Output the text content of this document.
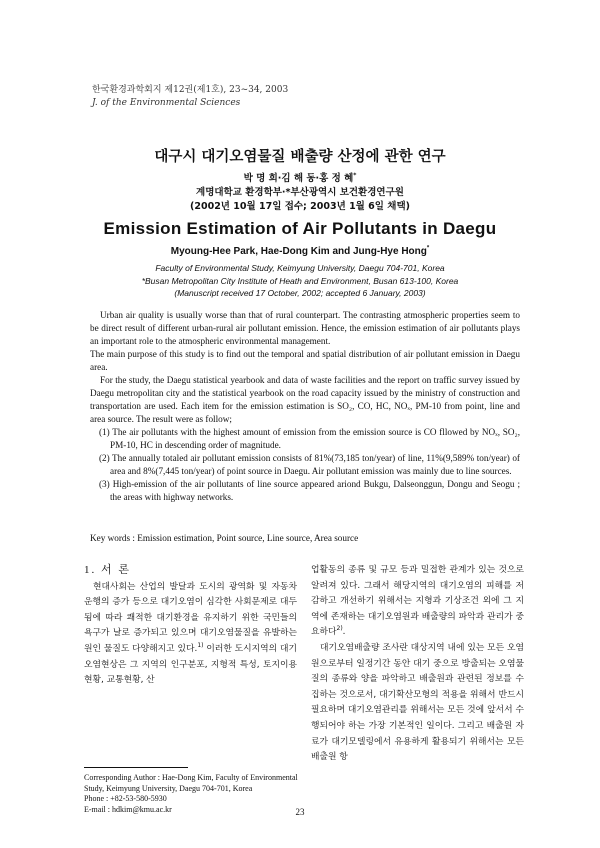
한국환경과학회지 제12권(제1호), 23~34, 2003
J. of the Environmental Sciences
대구시 대기오염물질 배출량 산정에 관한 연구
박 명 희·김 해 동·홍 정 혜*
계명대학교 환경학부·*부산광역시 보건환경연구원
(2002년 10월 17일 접수; 2003년 1월 6일 채택)
Emission Estimation of Air Pollutants in Daegu
Myoung-Hee Park, Hae-Dong Kim and Jung-Hye Hong*
Faculty of Environmental Study, Keimyung University, Daegu 704-701, Korea
*Busan Metropolitan City Institute of Heath and Environment, Busan 613-100, Korea
(Manuscript received 17 October, 2002; accepted 6 January, 2003)

Urban air quality is usually worse than that of rural counterpart. The contrasting atmospheric properties seem to be direct result of different urban-rural air pollutant emission. Hence, the emission estimation of air pollutants plays an important role to the atmospheric environmental management.

The main purpose of this study is to find out the temporal and spatial distribution of air pollutant emission in Daegu area.

For the study, the Daegu statistical yearbook and data of waste facilities and the report on traffic survey issued by Daegu metropolitan city and the statistical yearbook on the road capacity issued by the ministry of construction and transportation are used. Each item for the emission estimation is SO₂, CO, HC, NOₓ, PM-10 from point, line and area source. The result were as follow;

(1) The air pollutants with the highest amount of emission from the emission source is CO fllowed by NOₓ, SO₂, PM-10, HC in descending order of magnitude.

(2) The annually totaled air pollutant emission consists of 81%(73,185 ton/year) of line, 11%(9,589% ton/year) of area and 8%(7,445 ton/year) of point source in Daegu. Air pollutant emission was mainly due to line sources.

(3) High-emission of the air pollutants of line source appeared ariond Bukgu, Dalseonggun, Dongu and Seogu ; the areas with highway networks.

Key words : Emission estimation, Point source, Line source, Area source

1. 서 론

현대사회는 산업의 발달과 도시의 광역화 및 자동차 운행의 증가 등으로 대기오염이 심각한 사회문제로 대두됨에 따라 쾌적한 대기환경을 유지하기 위한 국민들의 욕구가 날로 증가되고 있으며 대기오염물질을 유발하는 원인 물질도 다양해지고 있다.$^{1)}$ 이러한 도시지역의 대기오염현상은 그 지역의 인구분포, 지형적 특성, 토지이용현황, 교통현황, 산

업활동의 종류 및 규모 등과 밀접한 관계가 있는 것으로 알려져 있다. 그래서 해당지역의 대기오염의 피해를 저감하고 개선하기 위해서는 지형과 기상조건 외에 그 지역에 존재하는 대기오염원과 배출량의 파악과 관리가 중요하다$^{2)}$.

대기오염배출량 조사란 대상지역 내에 있는 모든 오염원으로부터 일정기간 동안 대기 중으로 방출되는 오염물질의 종류와 양을 파악하고 배출원과 관련된 정보를 수집하는 것으로서, 대기확산모형의 적용을 위해서 반드시 필요하며 대기오염관리를 위해서는 모든 것에 앞서서 수행되어야 하는 가장 기본적인 일이다. 그리고 배출원 자료가 대기모델링에서 유용하게 활용되기 위해서는 모든 배출원 항

Corresponding Author : Hae-Dong Kim, Faculty of Environmental Study, Keimyung University, Daegu 704-701, Korea

Phone : +82-53-580-5930

E-mail : hdkim@kmu.ac.kr	23
